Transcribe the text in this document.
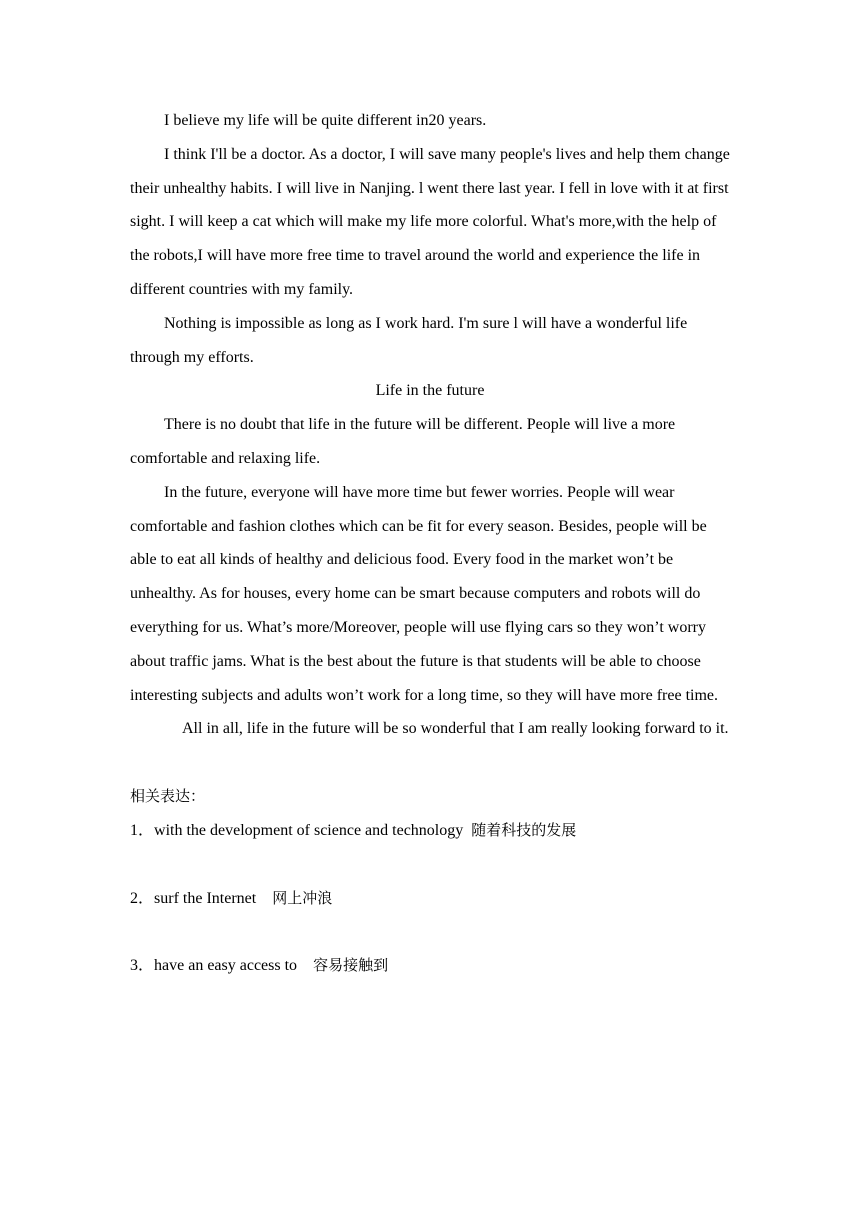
I believe my life will be quite different in20 years.

I think I'll be a doctor. As a doctor, I will save many people's lives and help them change their unhealthy habits. I will live in Nanjing. l went there last year. I fell in love with it at first sight. I will keep a cat which will make my life more colorful. What's more,with the help of the robots,I will have more free time to travel around the world and experience the life in different countries with my family.

Nothing is impossible as long as I work hard. I'm sure l will have a wonderful life through my efforts.

Life in the future

There is no doubt that life in the future will be different. People will live a more comfortable and relaxing life.

In the future, everyone will have more time but fewer worries. People will wear comfortable and fashion clothes which can be fit for every season. Besides, people will be able to eat all kinds of healthy and delicious food. Every food in the market won’t be unhealthy. As for houses, every home can be smart because computers and robots will do everything for us. What’s more/Moreover, people will use flying cars so they won’t worry about traffic jams. What is the best about the future is that students will be able to choose interesting subjects and adults won’t work for a long time, so they will have more free time.

All in all, life in the future will be so wonderful that I am really looking forward to it.

相关表达：

1．with the development of science and technology 随着科技的发展

2．surf the Internet 网上冲浪

3．have an easy access to 容易接触到
